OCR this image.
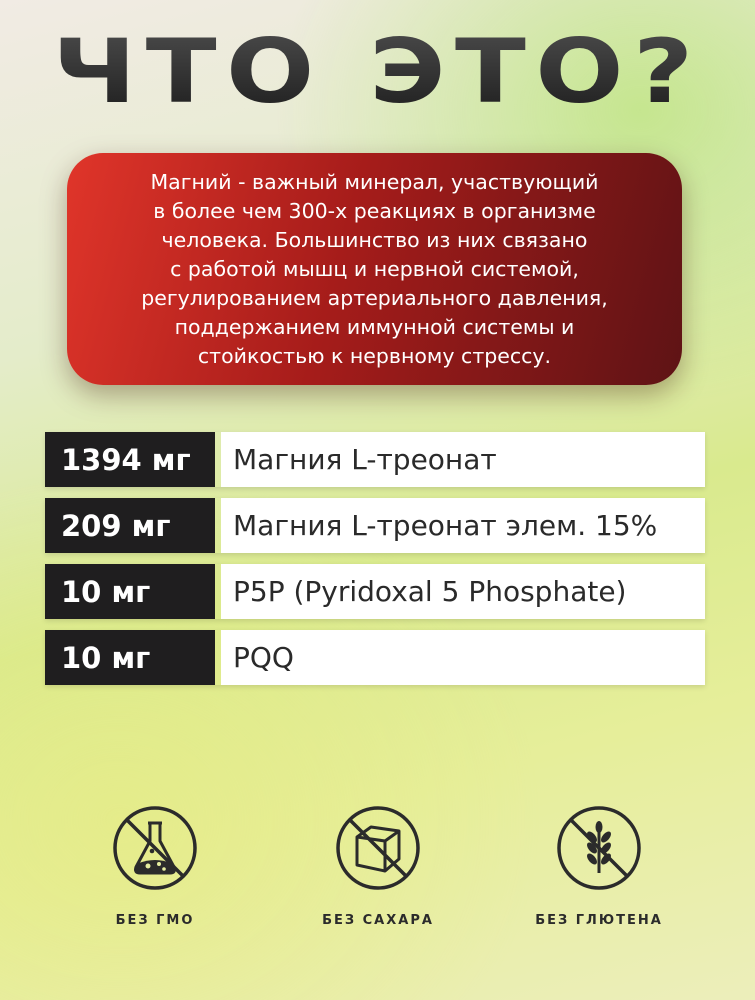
ЧТО ЭТО?

Магний - важный минерал, участвующий
в более чем 300-х реакциях в организме
человека. Большинство из них связано
с работой мышц и нервной системой,
регулированием артериального давления,
поддержанием иммунной системы и
стойкостью к нервному стрессу.

1394 мг	Магния L-треонат
209 мг	Магния L-треонат элем. 15%
10 мг	P5P (Pyridoxal 5 Phosphate)
10 мг	PQQ
БЕЗ ГМО	БЕЗ САХАРА	БЕЗ ГЛЮТЕНА
